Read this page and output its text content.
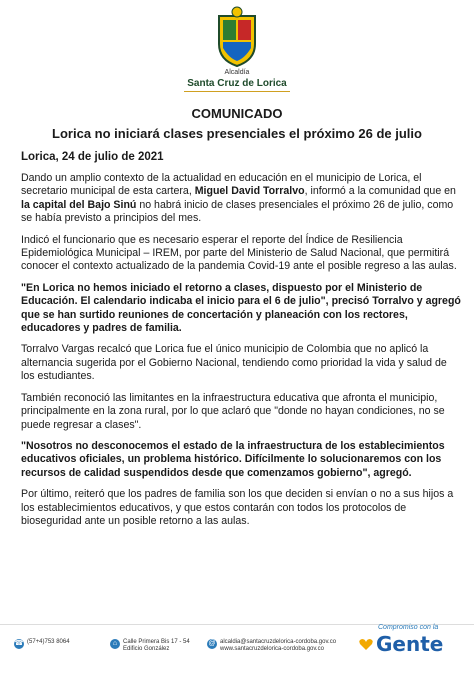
Alcaldía
Santa Cruz de Lorica
COMUNICADO
Lorica no iniciará clases presenciales el próximo 26 de julio
Lorica, 24 de julio de 2021

Dando un amplio contexto de la actualidad en educación en el municipio de Lorica, el secretario municipal de esta cartera, Miguel David Torralvo, informó a la comunidad que en la capital del Bajo Sinú no habrá inicio de clases presenciales el próximo 26 de julio, como se había previsto a principios del mes.

Indicó el funcionario que es necesario esperar el reporte del Índice de Resiliencia Epidemiológica Municipal – IREM, por parte del Ministerio de Salud Nacional, que permitirá conocer el contexto actualizado de la pandemia Covid-19 ante el posible regreso a las aulas.

"En Lorica no hemos iniciado el retorno a clases, dispuesto por el Ministerio de Educación. El calendario indicaba el inicio para el 6 de julio", precisó Torralvo y agregó que se han surtido reuniones de concertación y planeación con los rectores, educadores y padres de familia.

Torralvo Vargas recalcó que Lorica fue el único municipio de Colombia que no aplicó la alternancia sugerida por el Gobierno Nacional, tendiendo como prioridad la vida y salud de los estudiantes.

También reconoció las limitantes en la infraestructura educativa que afronta el municipio, principalmente en la zona rural, por lo que aclaró que "donde no hayan condiciones, no se puede regresar a clases".

"Nosotros no desconocemos el estado de la infraestructura de los establecimientos educativos oficiales, un problema histórico. Difícilmente lo solucionaremos con los recursos de calidad suspendidos desde que comenzamos gobierno", agregó.

Por último, reiteró que los padres de familia son los que deciden si envían o no a sus hijos a los establecimientos educativos, y que estos contarán con todos los protocolos de bioseguridad ante un posible retorno a las aulas.

☎ (57+4)753 8064	⌂ Calle Primera Bis 17 - 54
Edificio González
@ alcaldia@santacruzdelorica-cordoba.gov.co
www.santacruzdelorica-cordoba.gov.co
Compromiso con la
Gente
